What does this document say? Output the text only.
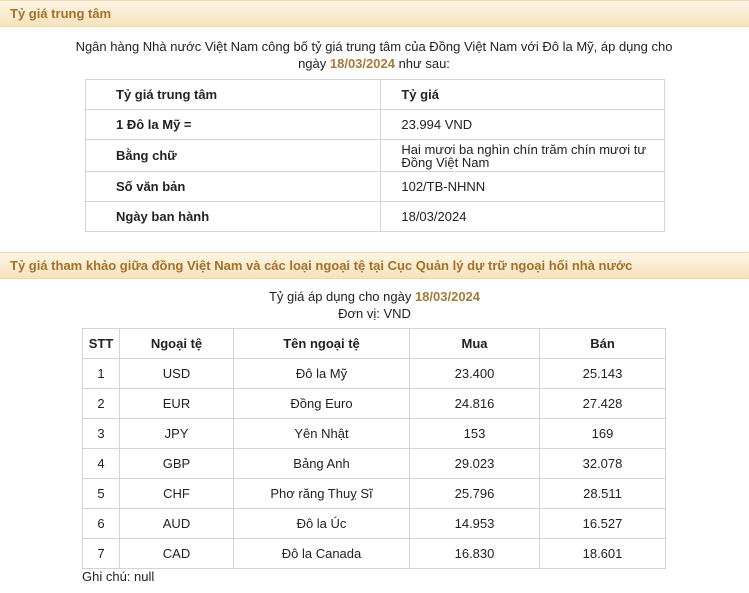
Tỷ giá trung tâm
Ngân hàng Nhà nước Việt Nam công bố tỷ giá trung tâm của Đồng Việt Nam với Đô la Mỹ, áp dụng cho ngày 18/03/2024 như sau:
Tỷ giá trung tâm	Tỷ giá
1 Đô la Mỹ =	23.994 VND
Bằng chữ	Hai mươi ba nghìn chín trăm chín mươi tư Đồng Việt Nam
Số văn bản	102/TB-NHNN
Ngày ban hành	18/03/2024
Tỷ giá tham khảo giữa đồng Việt Nam và các loại ngoại tệ tại Cục Quản lý dự trữ ngoại hối nhà nước
Tỷ giá áp dụng cho ngày 18/03/2024
Đơn vị: VND
STT	Ngoại tệ	Tên ngoại tệ	Mua	Bán
1	USD	Đô la Mỹ	23.400	25.143
2	EUR	Đồng Euro	24.816	27.428
3	JPY	Yên Nhật	153	169
4	GBP	Bảng Anh	29.023	32.078
5	CHF	Phơ răng Thuỵ Sĩ	25.796	28.511
6	AUD	Đô la Úc	14.953	16.527
7	CAD	Đô la Canada	16.830	18.601
Ghi chú: null
